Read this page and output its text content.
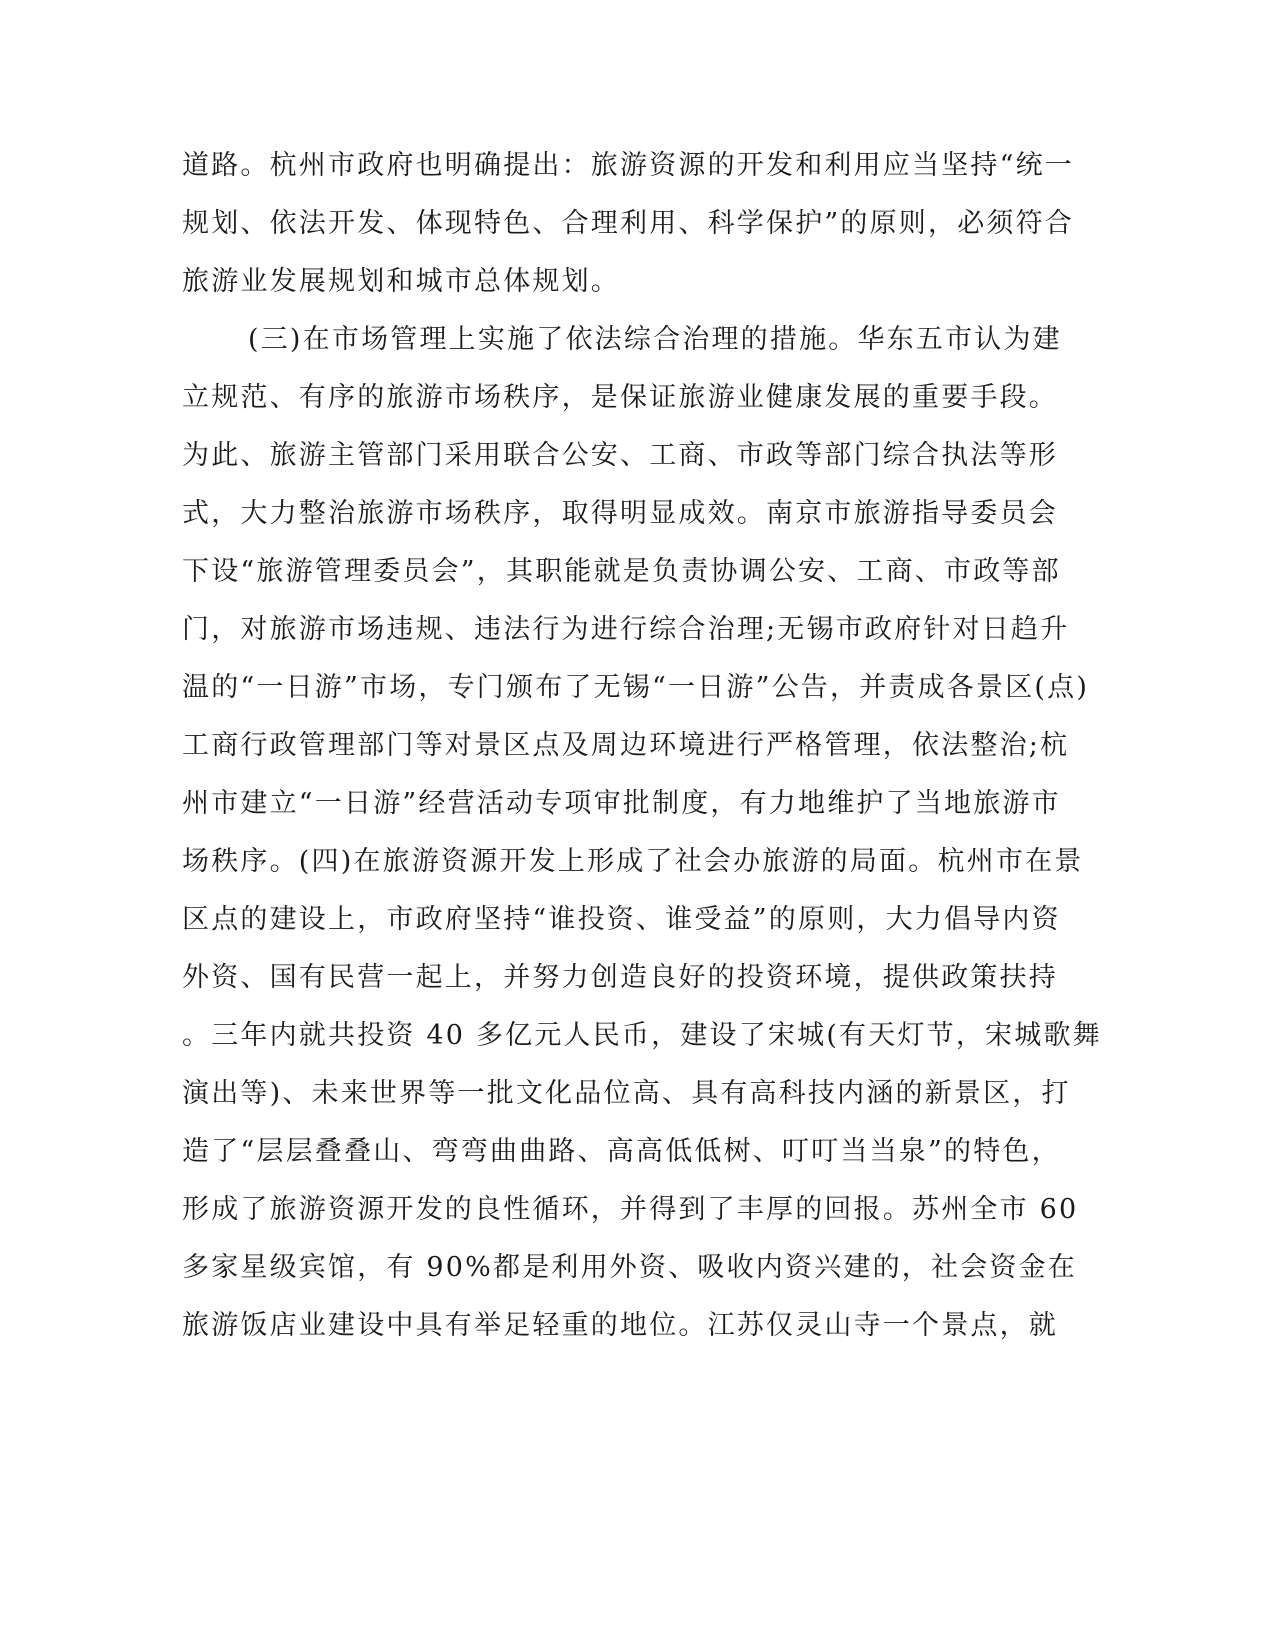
道路。杭州市政府也明确提出：旅游资源的开发和利用应当坚持“统一
规划、依法开发、体现特色、合理利用、科学保护”的原则，必须符合
旅游业发展规划和城市总体规划。
(三)在市场管理上实施了依法综合治理的措施。华东五市认为建
立规范、有序的旅游市场秩序，是保证旅游业健康发展的重要手段。
为此、旅游主管部门采用联合公安、工商、市政等部门综合执法等形
式，大力整治旅游市场秩序，取得明显成效。南京市旅游指导委员会
下设“旅游管理委员会”，其职能就是负责协调公安、工商、市政等部
门，对旅游市场违规、违法行为进行综合治理;无锡市政府针对日趋升
温的“一日游”市场，专门颁布了无锡“一日游”公告，并责成各景区(点)
工商行政管理部门等对景区点及周边环境进行严格管理，依法整治;杭
州市建立“一日游”经营活动专项审批制度，有力地维护了当地旅游市
场秩序。(四)在旅游资源开发上形成了社会办旅游的局面。杭州市在景
区点的建设上，市政府坚持“谁投资、谁受益”的原则，大力倡导内资
外资、国有民营一起上，并努力创造良好的投资环境，提供政策扶持
。三年内就共投资 40 多亿元人民币，建设了宋城(有天灯节，宋城歌舞
演出等)、未来世界等一批文化品位高、具有高科技内涵的新景区，打
造了“层层叠叠山、弯弯曲曲路、高高低低树、叮叮当当泉”的特色，
形成了旅游资源开发的良性循环，并得到了丰厚的回报。苏州全市 60
多家星级宾馆，有 90%都是利用外资、吸收内资兴建的，社会资金在
旅游饭店业建设中具有举足轻重的地位。江苏仅灵山寺一个景点，就
